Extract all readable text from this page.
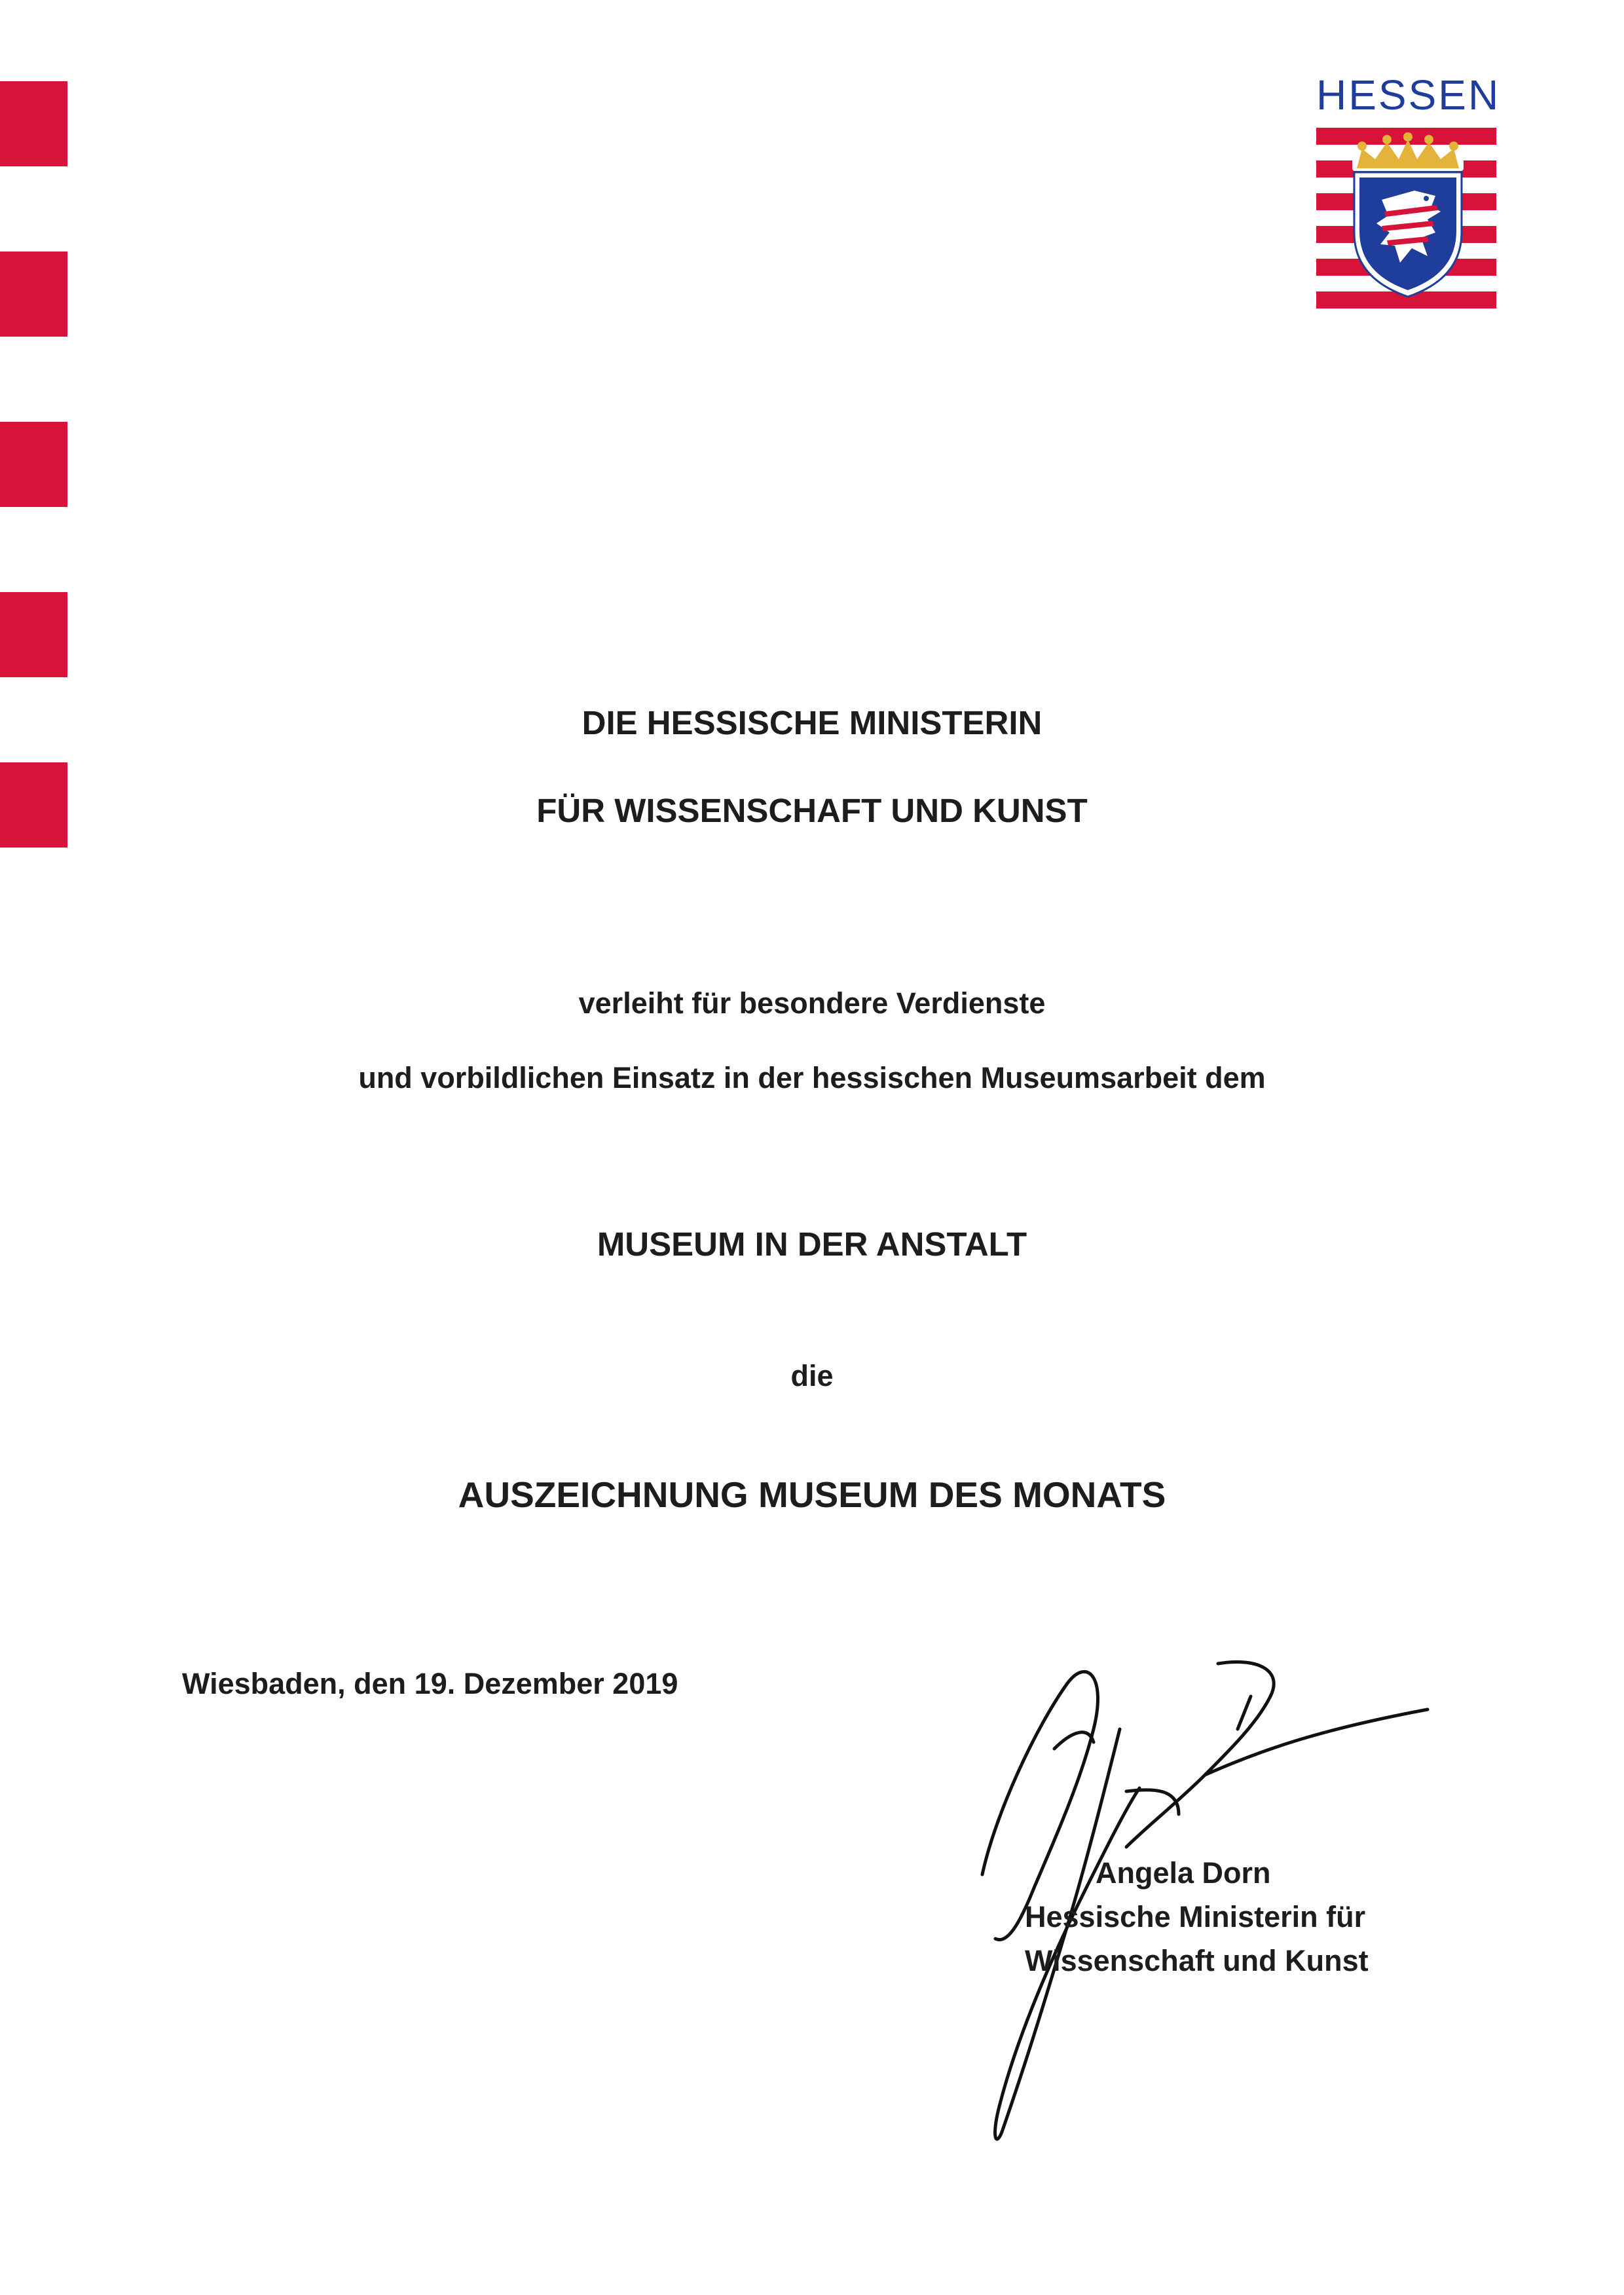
HESSEN
DIE HESSISCHE MINISTERIN
FÜR WISSENSCHAFT UND KUNST
verleiht für besondere Verdienste
und vorbildlichen Einsatz in der hessischen Museumsarbeit dem
MUSEUM IN DER ANSTALT
die
AUSZEICHNUNG MUSEUM DES MONATS
Wiesbaden, den 19. Dezember 2019
Angela Dorn
Hessische Ministerin für
Wissenschaft und Kunst
